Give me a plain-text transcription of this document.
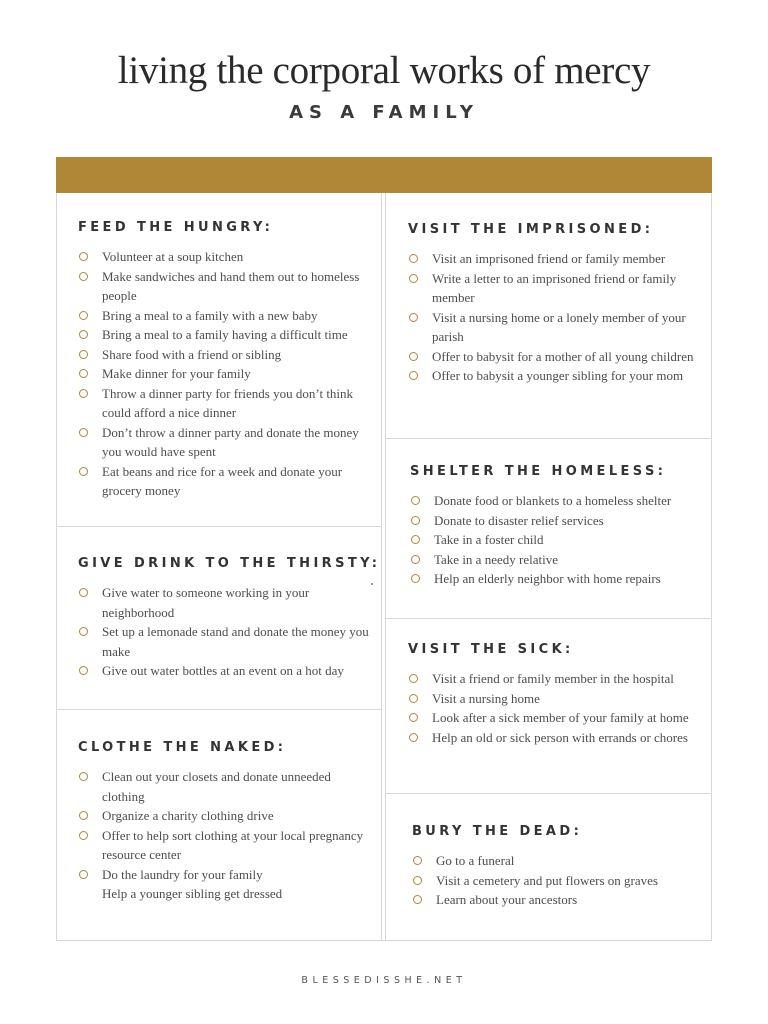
living the corporal works of mercy
AS A FAMILY
FEED THE HUNGRY:
Volunteer at a soup kitchen
Make sandwiches and hand them out to homeless people
Bring a meal to a family with a new baby
Bring a meal to a family having a difficult time
Share food with a friend or sibling
Make dinner for your family
Throw a dinner party for friends you don’t think could afford a nice dinner
Don’t throw a dinner party and donate the money you would have spent
Eat beans and rice for a week and donate your grocery money
GIVE DRINK TO THE THIRSTY:
Give water to someone working in your neighborhood
Set up a lemonade stand and donate the money you make
Give out water bottles at an event on a hot day
CLOTHE THE NAKED:
Clean out your closets and donate unneeded clothing
Organize a charity clothing drive
Offer to help sort clothing at your local pregnancy resource center
Do the laundry for your family
Help a younger sibling get dressed
VISIT THE IMPRISONED:
Visit an imprisoned friend or family member
Write a letter to an imprisoned friend or family member
Visit a nursing home or a lonely member of your parish
Offer to babysit for a mother of all young children
Offer to babysit a younger sibling for your mom
SHELTER THE HOMELESS:
Donate food or blankets to a homeless shelter
Donate to disaster relief services
Take in a foster child
Take in a needy relative
Help an elderly neighbor with home repairs
VISIT THE SICK:
Visit a friend or family member in the hospital
Visit a nursing home
Look after a sick member of your family at home
Help an old or sick person with errands or chores
BURY THE DEAD:
Go to a funeral
Visit a cemetery and put flowers on graves
Learn about your ancestors

BLESSEDISSHE.NET
